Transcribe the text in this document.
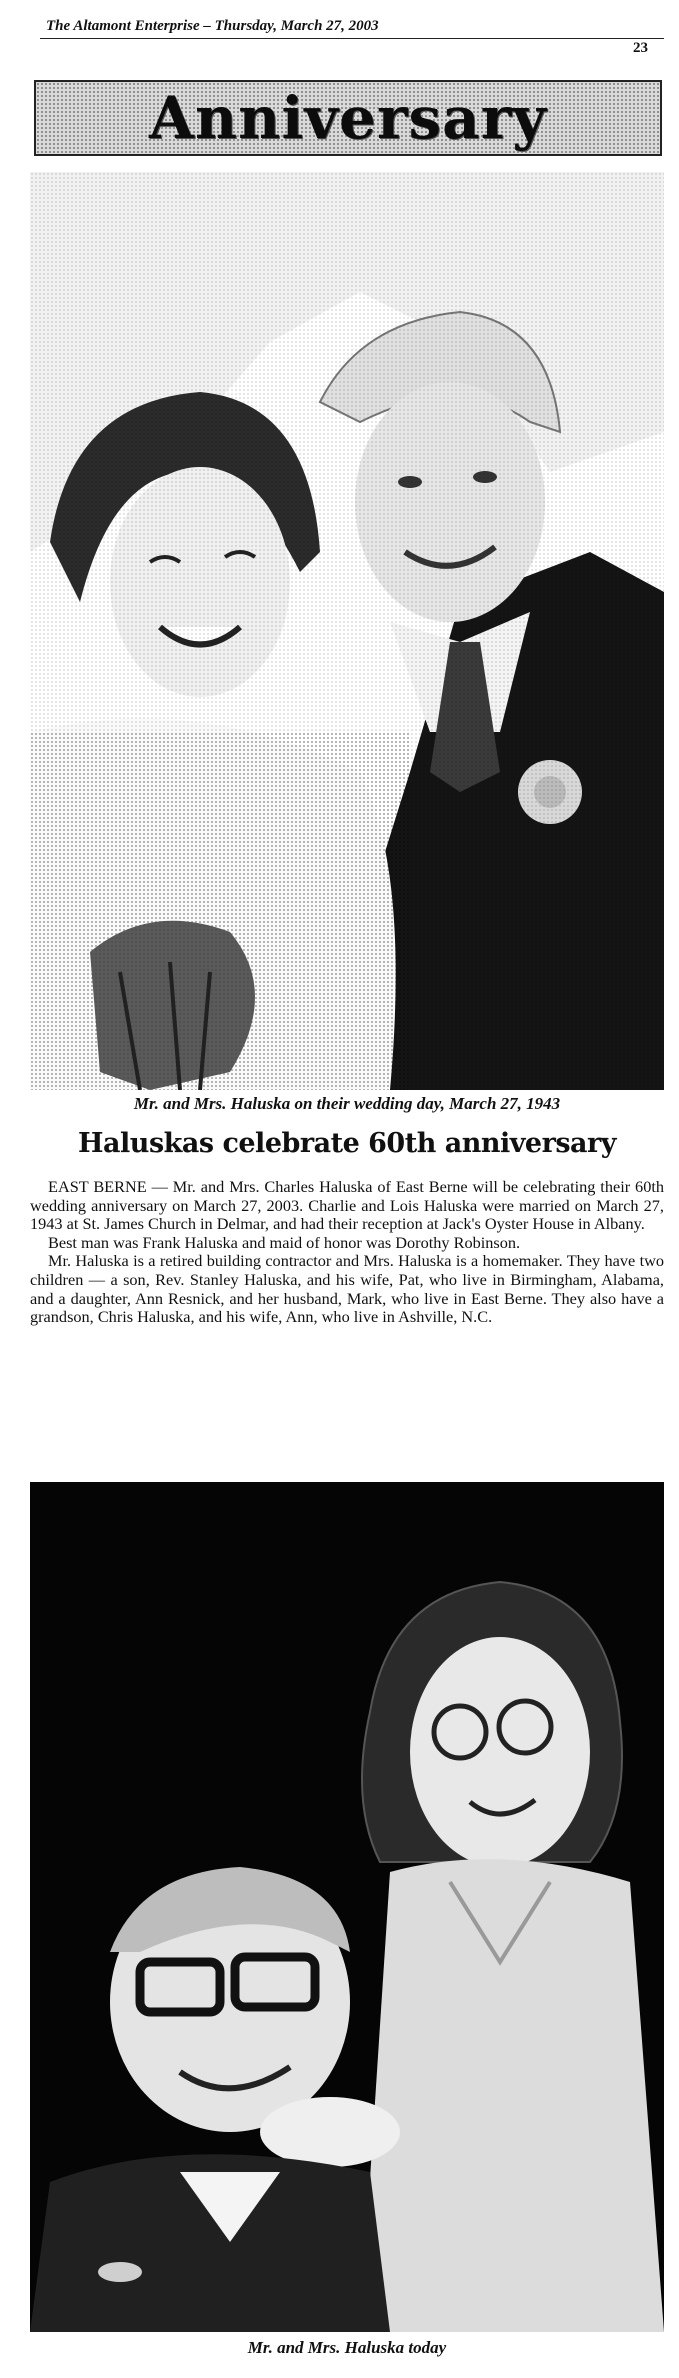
The Altamont Enterprise – Thursday, March 27, 2003
23
Anniversary
Mr. and Mrs. Haluska on their wedding day, March 27, 1943
Haluskas celebrate 60th anniversary

EAST BERNE — Mr. and Mrs. Charles Haluska of East Berne will be celebrating their 60th wedding anniversary on March 27, 2003. Charlie and Lois Haluska were married on March 27, 1943 at St. James Church in Delmar, and had their reception at Jack's Oyster House in Albany.

Best man was Frank Haluska and maid of honor was Dorothy Robinson.

Mr. Haluska is a retired building contractor and Mrs. Haluska is a homemaker. They have two children — a son, Rev. Stanley Haluska, and his wife, Pat, who live in Birmingham, Alabama, and a daughter, Ann Resnick, and her husband, Mark, who live in East Berne. They also have a grandson, Chris Haluska, and his wife, Ann, who live in Ashville, N.C.

Mr. and Mrs. Haluska today
